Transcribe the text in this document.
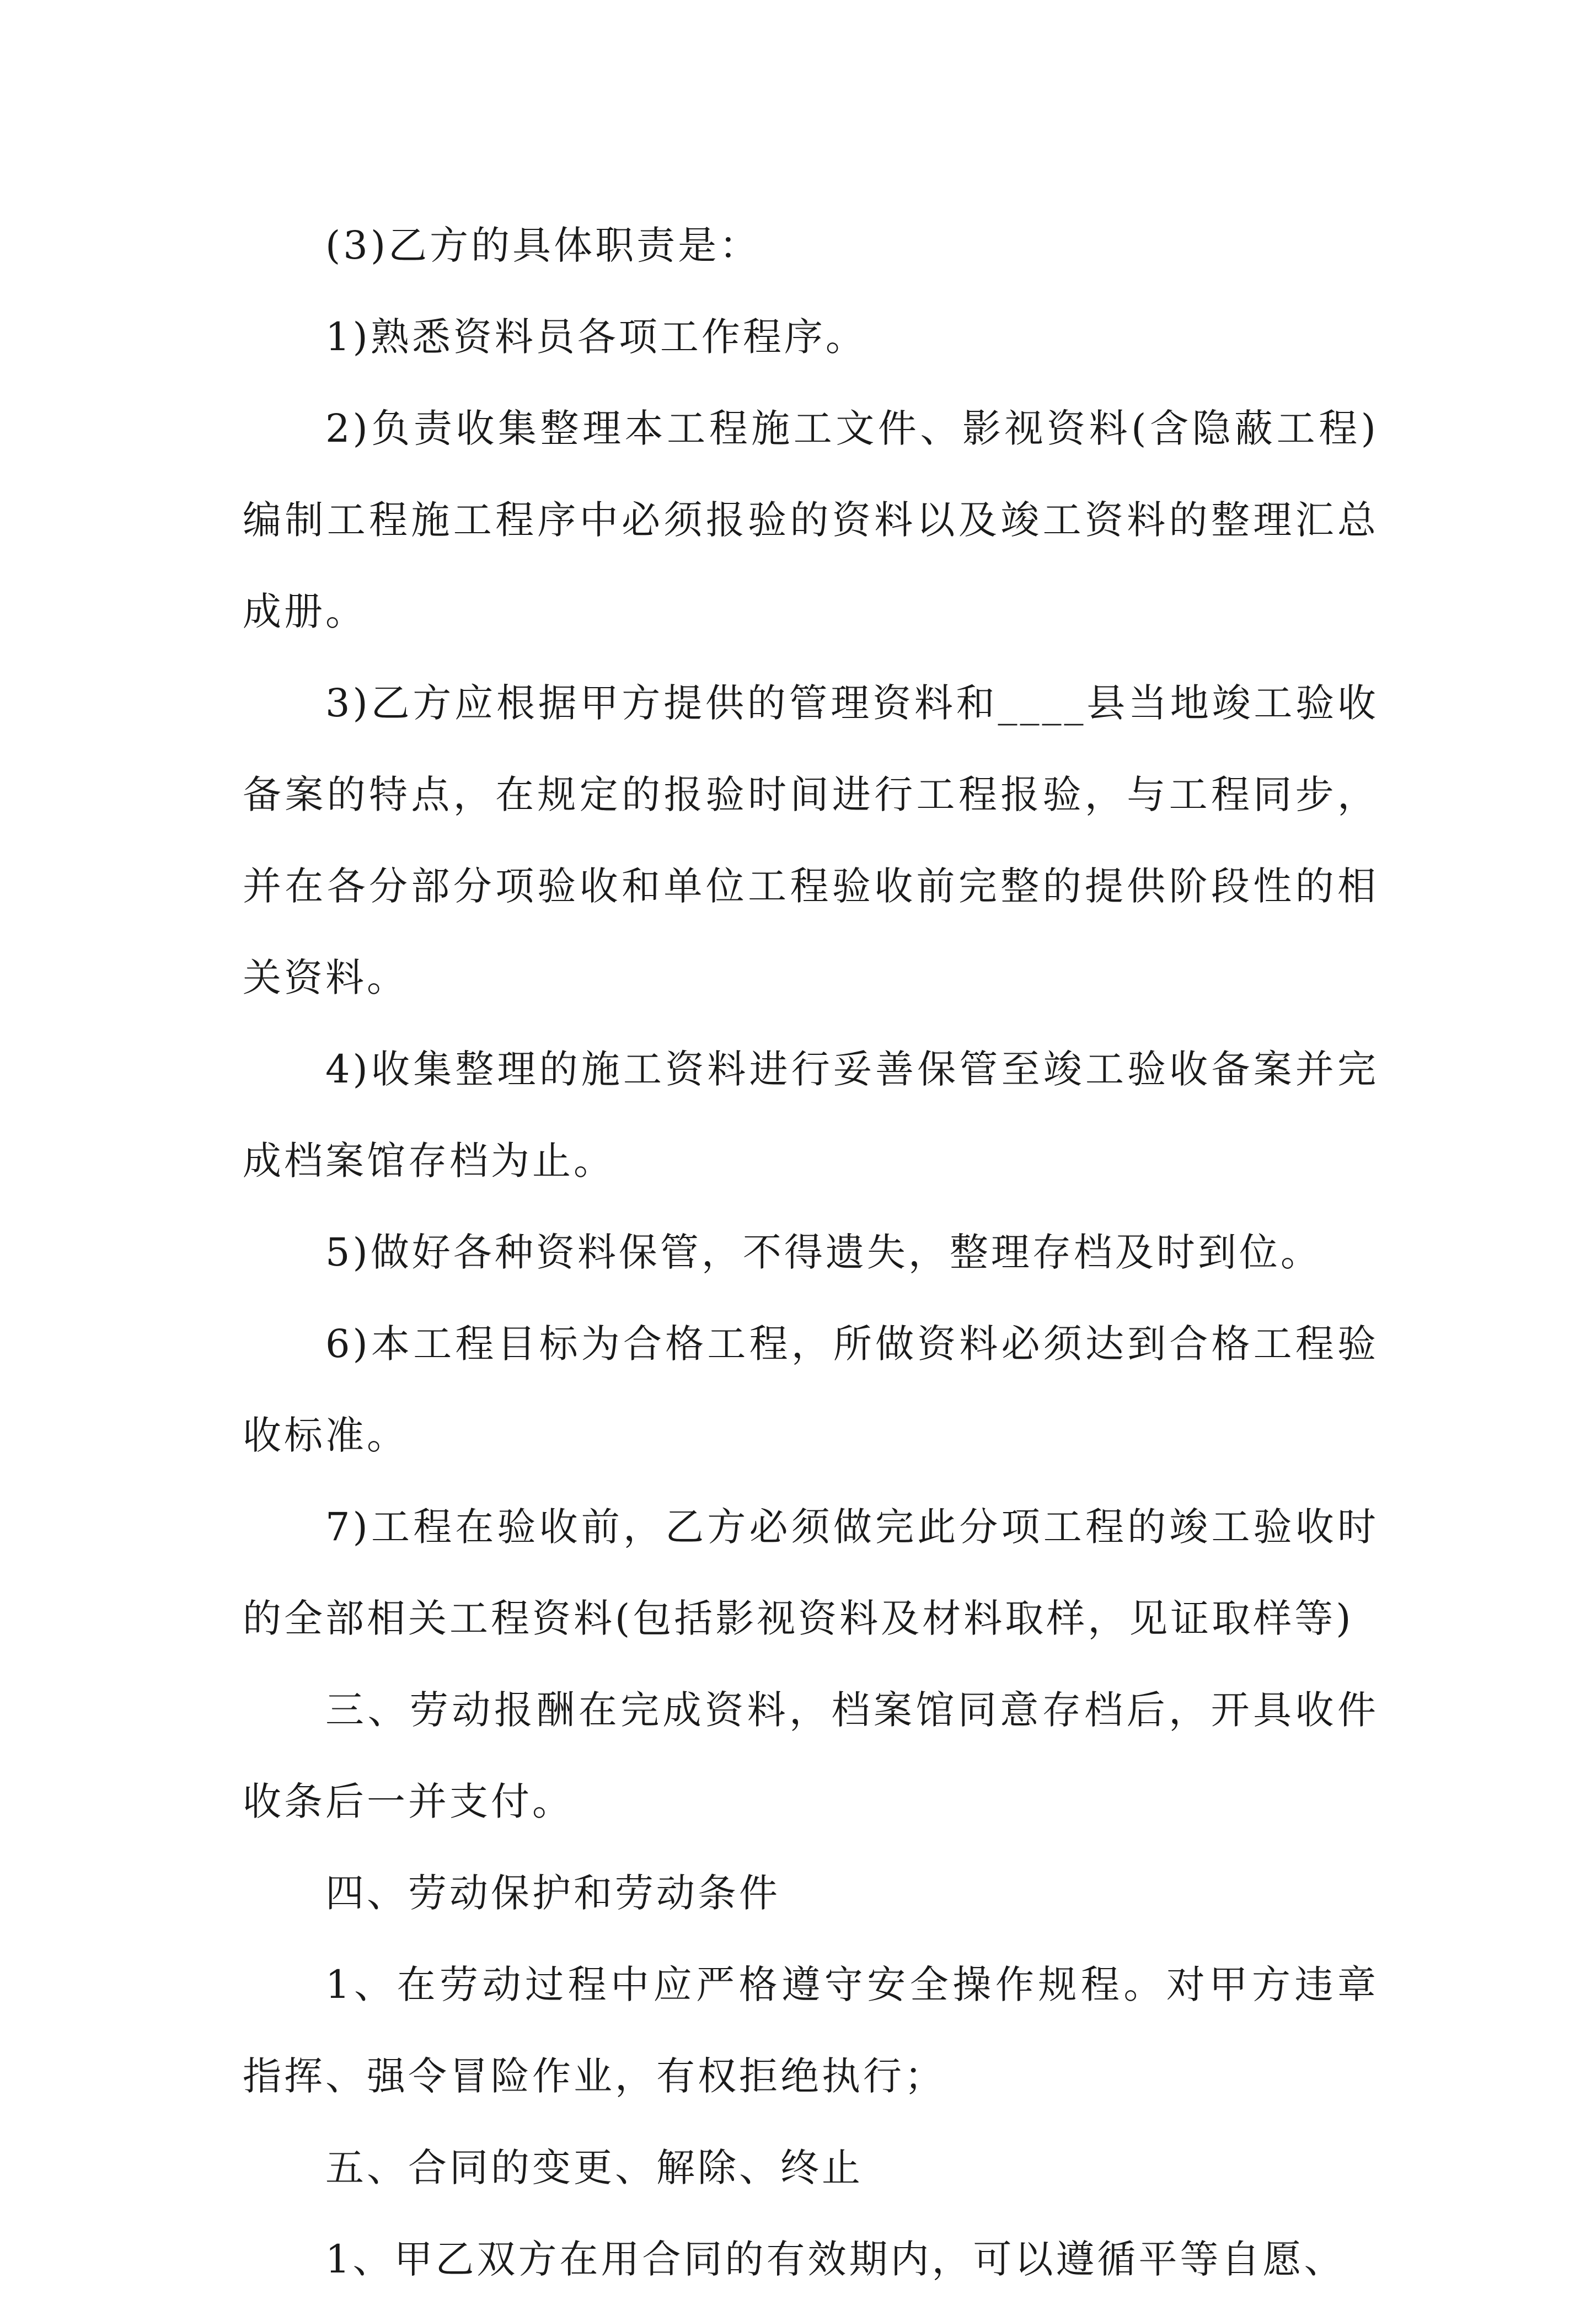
(3)乙方的具体职责是：

1)熟悉资料员各项工作程序。

2)负责收集整理本工程施工文件、影视资料(含隐蔽工程)编制工程施工程序中必须报验的资料以及竣工资料的整理汇总成册。

3)乙方应根据甲方提供的管理资料和____县当地竣工验收备案的特点，在规定的报验时间进行工程报验，与工程同步，并在各分部分项验收和单位工程验收前完整的提供阶段性的相关资料。

4)收集整理的施工资料进行妥善保管至竣工验收备案并完成档案馆存档为止。

5)做好各种资料保管，不得遗失，整理存档及时到位。

6)本工程目标为合格工程，所做资料必须达到合格工程验收标准。

7)工程在验收前，乙方必须做完此分项工程的竣工验收时的全部相关工程资料(包括影视资料及材料取样，见证取样等)

三、劳动报酬在完成资料，档案馆同意存档后，开具收件收条后一并支付。

四、劳动保护和劳动条件

1、在劳动过程中应严格遵守安全操作规程。对甲方违章指挥、强令冒险作业，有权拒绝执行；

五、合同的变更、解除、终止

1、甲乙双方在用合同的有效期内，可以遵循平等自愿、
